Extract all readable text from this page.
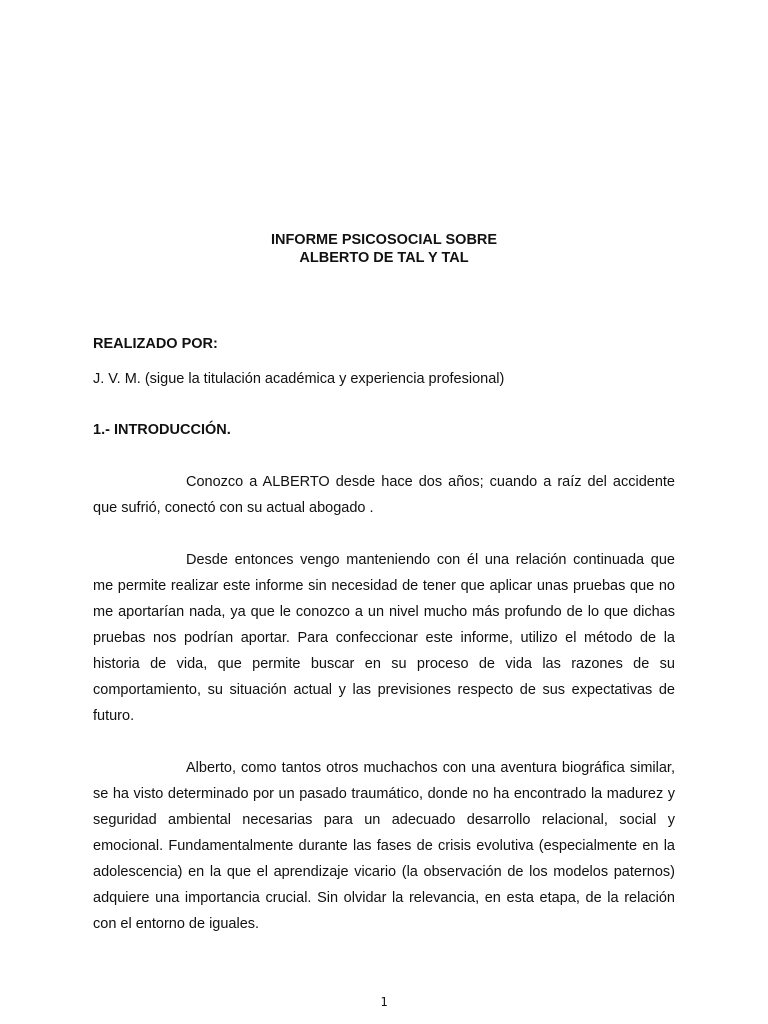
INFORME PSICOSOCIAL SOBRE
ALBERTO DE TAL Y TAL
REALIZADO POR:
J. V. M. (sigue la titulación académica y experiencia profesional)
1.- INTRODUCCIÓN.

Conozco a ALBERTO desde hace dos años; cuando a raíz del accidente que sufrió, conectó con su actual abogado .

Desde entonces vengo manteniendo con él una relación continuada que me permite realizar este informe sin necesidad de tener que aplicar unas pruebas que no me aportarían nada, ya que le conozco a un nivel mucho más profundo de lo que dichas pruebas nos podrían aportar. Para confeccionar este informe, utilizo el método de la historia de vida, que permite buscar en su proceso de vida las razones de su comportamiento, su situación actual y las previsiones respecto de sus expectativas de futuro.

Alberto, como tantos otros muchachos con una aventura biográfica similar, se ha visto determinado por un pasado traumático, donde no ha encontrado la madurez y seguridad ambiental necesarias para un adecuado desarrollo relacional, social y emocional. Fundamentalmente durante las fases de crisis evolutiva (especialmente en la adolescencia) en la que el aprendizaje vicario (la observación de los modelos paternos) adquiere una importancia crucial. Sin olvidar la relevancia, en esta etapa, de la relación con el entorno de iguales.

1
